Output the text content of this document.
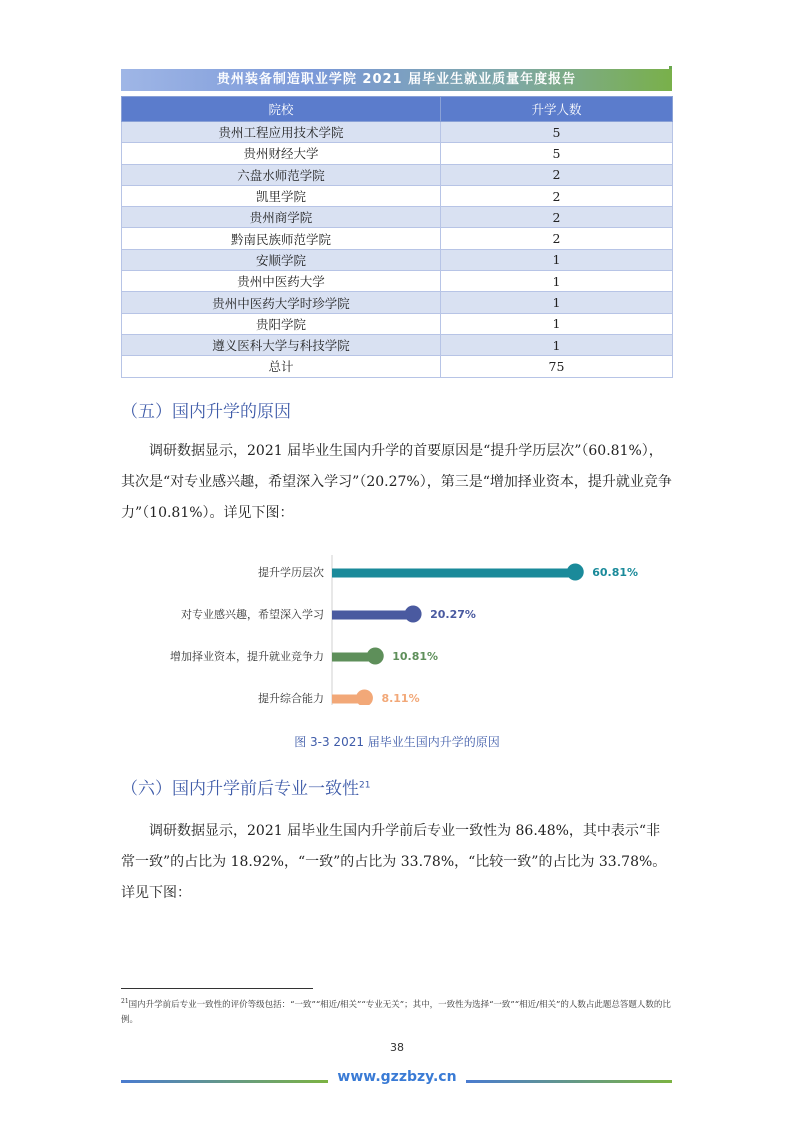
贵州装备制造职业学院 2021 届毕业生就业质量年度报告
院校	升学人数
贵州工程应用技术学院	5
贵州财经大学	5
六盘水师范学院	2
凯里学院	2
贵州商学院	2
黔南民族师范学院	2
安顺学院	1
贵州中医药大学	1
贵州中医药大学时珍学院	1
贵阳学院	1
遵义医科大学与科技学院	1
总计	75
（五）国内升学的原因

调研数据显示，2021 届毕业生国内升学的首要原因是“提升学历层次”（60.81%），其次是“对专业感兴趣，希望深入学习”（20.27%），第三是“增加择业资本，提升就业竞争力”（10.81%）。详见下图：

提升学历层次	60.81%
对专业感兴趣，希望深入学习	20.27%
增加择业资本，提升就业竞争力	10.81%
提升综合能力	8.11%
图 3-3 2021 届毕业生国内升学的原因
（六）国内升学前后专业一致性$^{21}$

调研数据显示，2021 届毕业生国内升学前后专业一致性为 86.48%，其中表示“非常一致”的占比为 18.92%，“一致”的占比为 33.78%，“比较一致”的占比为 33.78%。详见下图：

$^{21}$国内升学前后专业一致性的评价等级包括：“一致”“相近/相关”“专业无关”；其中，一致性为选择“一致”“相近/相关”的人数占此题总答题人数的比例。
38
www.gzzbzy.cn
